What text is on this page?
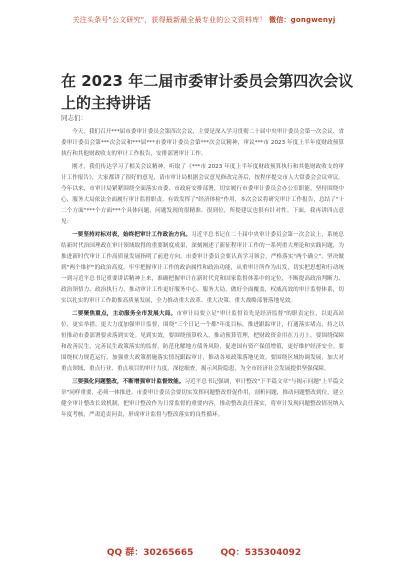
关注头条号"公文研究"，获得最新最全最专业的公文资料库！ 微信：gongwenyj
在 2023 年二届市委审计委员会第四次会议上的主持讲话
同志们：

今天，我们召开***届市委审计委员会第四次会议，主要是深入学习贯彻二十届中央审计委员会第一次会议、省委审计委员会第***次会议和***届***市委审计委员会第***次会议精神，审议***市 2023 年度上半年度财政预算执行和其他财政收支的审计工作报告，安排部署审计工作。

刚才，我们传达学习了相关会议精神，听取了《***市 2023 年度上半年度财政预算执行和其他财政收支的审计工作报告》，大家都讲了很好的意见，请市审计局根据会议意见修改完善后，按程序提交市人大常委会会议审议。今年以来，市审计局紧紧围绕全面落实市委、市政府安排部署，切实履行市委审计委员会办公室职能，坚持围绕中心，服务大局依法全面履行审计监督职责，有效发挥了"经济体检"作用，本次会议将研究审计工作报告，总结了"十二个方面"***个方面***个具体问题，问题发现的很精准、很到位，所提建议也很有针对性。下面，我再讲四点意见：

一要坚持对标对表，始终把审计工作政治方向。习近平总书记在二十届中央审计委员会第一次会议上，系统总结新时代治国理政在审计领域取得的重要制度成果，深刻阐述了新征程审计工作的一系列重大理论和实践问题，为推进新时代审计工作高质量发展指明了前进方向、市委审计委员会要认真学习领会，严格落实"两个确立"、坚决做到"两个维护"的政治高度，牢牢把握审计工作的政治属性和政治功能，从重审计所作为出发，切实把思想和行动统一到习近平总书记重要讲话精神上来，准确把握审计在新时代党和国家监督体系中的定位，不断提高政治判断力、政治领悟力、政治执行力，推动审计工作更好服务中心、服务大局、做好全面覆盖，权威高效的审计监督体系，切实以扎实的审计工作助推高质量发展，全力推动重大改革、重大决策、重大战略部署落地见效。

二要聚焦重点，主动服务全市发展大局。市审计局要立足"审计监督首先是经济监督"的职责定位，以更高站位、更实举措、更大力度加强审计监督，围绕"三个日记一个都"年度目标，推进跟踪审计，打通落实堵点，持之以恒推动市委部署要求落到实处。见到实效，要围绕预算收入，推动预算管理，把财政资金用在刀刃上。要围绕保障和改善民生，完善民生政策落实的监督，防范化解地方债务风险，促进国有资产保值增值，更好维护经济安全。要围绕权力规范运行，加强重大政策措施落实情况跟踪审计，推动各项政策落地见效。要围绕区域协调发展，加大对重点领域、重点行业、重点项目的审计力度，深挖细查，揭示风险隐患，为全市经济社会发展提供坚强保障。

三要强化问题整改，不断增强审计监督效能。习近平总书记强调，审计整改"下半篇文章"与揭示问题"上半篇文章"同样重要，必须一体推进。市委审计委员会要切实发挥问题整改督促作用，剖析问题，推动问题整改到位，建立健全审计整改长效机制，把审计整改作为日常监督的重要内容，推动整改责任落实，将审计发现问题整改情况纳入年度考核，严肃追责问责，形成审计监督与整改落实的良性循环。

QQ 群：30265665	QQ：535304092
